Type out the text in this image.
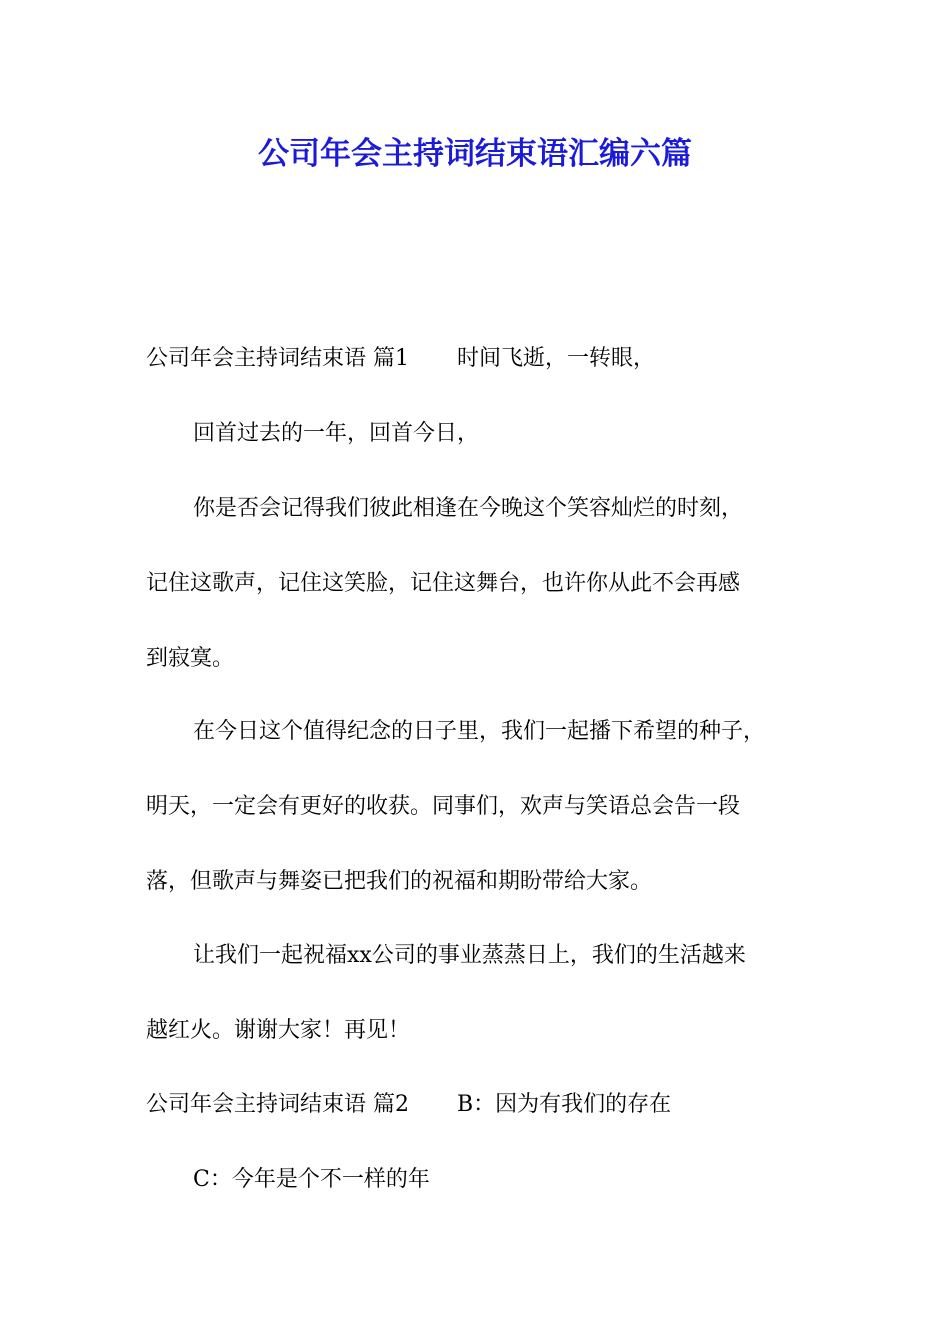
公司年会主持词结束语汇编六篇

公司年会主持词结束语 篇1 时间飞逝，一转眼，

回首过去的一年，回首今日，

你是否会记得我们彼此相逢在今晚这个笑容灿烂的时刻，

记住这歌声，记住这笑脸，记住这舞台，也许你从此不会再感

到寂寞。

在今日这个值得纪念的日子里，我们一起播下希望的种子，

明天，一定会有更好的收获。同事们，欢声与笑语总会告一段

落，但歌声与舞姿已把我们的祝福和期盼带给大家。

让我们一起祝福xx公司的事业蒸蒸日上，我们的生活越来

越红火。谢谢大家！再见！

公司年会主持词结束语 篇2 B：因为有我们的存在

C：今年是个不一样的年
